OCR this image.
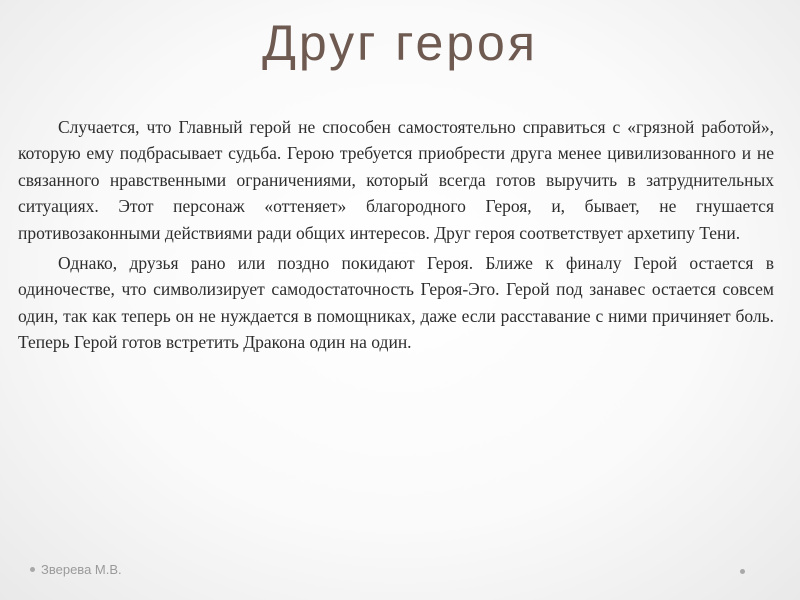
Друг героя

Случается, что Главный герой не способен самостоятельно справиться с «грязной работой», которую ему подбрасывает судьба. Герою требуется приобрести друга менее цивилизованного и не связанного нравственными ограничениями, который всегда готов выручить в затруднительных ситуациях. Этот персонаж «оттеняет» благородного Героя, и, бывает, не гнушается противозаконными действиями ради общих интересов. Друг героя соответствует архетипу Тени.

Однако, друзья рано или поздно покидают Героя. Ближе к финалу Герой остается в одиночестве, что символизирует самодостаточность Героя-Эго. Герой под занавес остается совсем один, так как теперь он не нуждается в помощниках, даже если расставание с ними причиняет боль. Теперь Герой готов встретить Дракона один на один.

Зверева М.В.
